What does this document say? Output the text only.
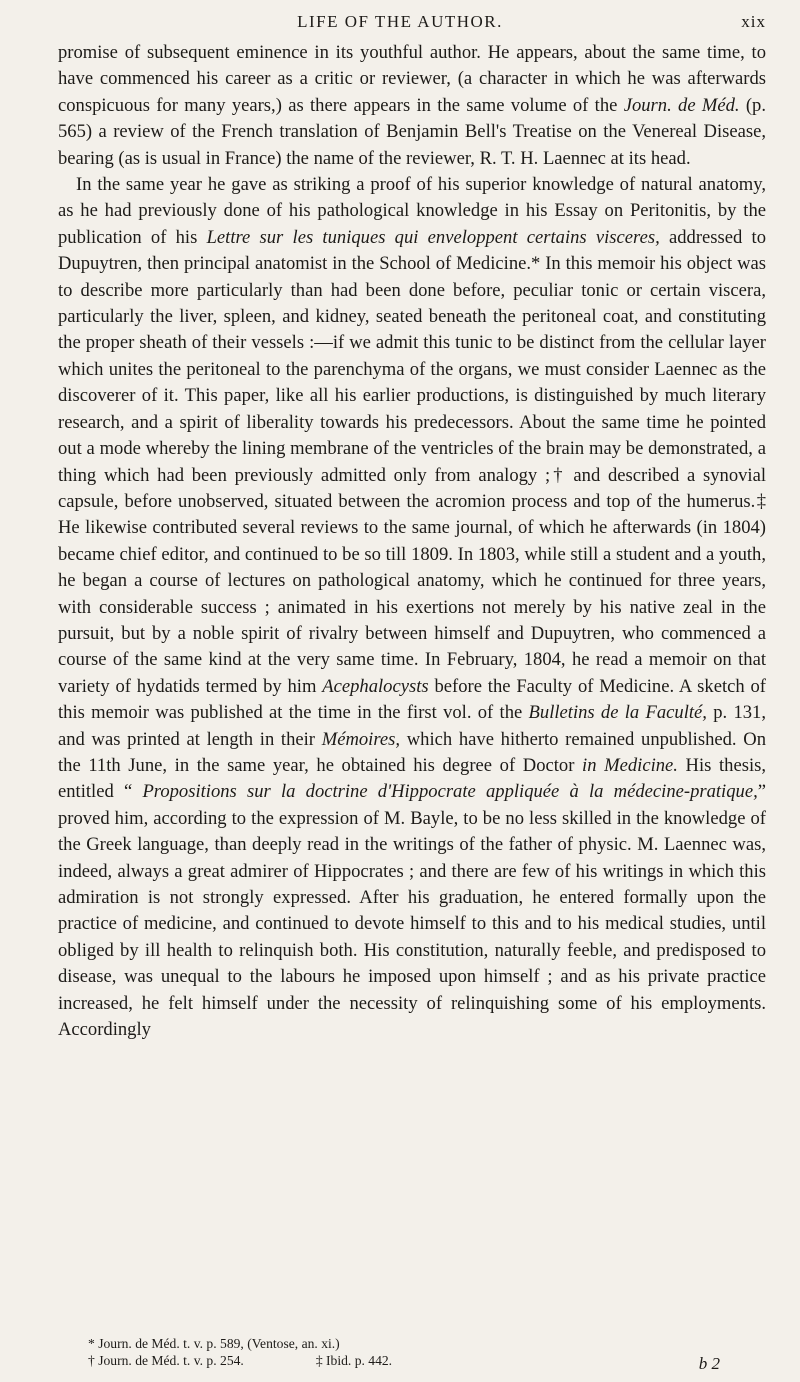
LIFE OF THE AUTHOR.	xix

promise of subsequent eminence in its youthful author. He appears, about the same time, to have commenced his career as a critic or reviewer, (a character in which he was afterwards conspicuous for many years,) as there appears in the same volume of the Journ. de Méd. (p. 565) a review of the French translation of Benjamin Bell's Treatise on the Venereal Disease, bearing (as is usual in France) the name of the reviewer, R. T. H. Laennec at its head.

In the same year he gave as striking a proof of his superior knowledge of natural anatomy, as he had previously done of his pathological knowledge in his Essay on Peritonitis, by the publication of his Lettre sur les tuniques qui enveloppent certains visceres, addressed to Dupuytren, then principal anatomist in the School of Medicine.* In this memoir his object was to describe more particularly than had been done before, peculiar tonic or certain viscera, particularly the liver, spleen, and kidney, seated beneath the peritoneal coat, and constituting the proper sheath of their vessels :—if we admit this tunic to be distinct from the cellular layer which unites the peritoneal to the parenchyma of the organs, we must consider Laennec as the discoverer of it. This paper, like all his earlier productions, is distinguished by much literary research, and a spirit of liberality towards his predecessors. About the same time he pointed out a mode whereby the lining membrane of the ventricles of the brain may be demonstrated, a thing which had been previously admitted only from analogy ;† and described a synovial capsule, before unobserved, situated between the acromion process and top of the humerus.‡ He likewise contributed several reviews to the same journal, of which he afterwards (in 1804) became chief editor, and continued to be so till 1809. In 1803, while still a student and a youth, he began a course of lectures on pathological anatomy, which he continued for three years, with considerable success ; animated in his exertions not merely by his native zeal in the pursuit, but by a noble spirit of rivalry between himself and Dupuytren, who commenced a course of the same kind at the very same time. In February, 1804, he read a memoir on that variety of hydatids termed by him Acephalocysts before the Faculty of Medicine. A sketch of this memoir was published at the time in the first vol. of the Bulletins de la Faculté, p. 131, and was printed at length in their Mémoires, which have hitherto remained unpublished. On the 11th June, in the same year, he obtained his degree of Doctor in Medicine. His thesis, entitled “ Propositions sur la doctrine d'Hippocrate appliquée à la médecine-pratique,” proved him, according to the expression of M. Bayle, to be no less skilled in the knowledge of the Greek language, than deeply read in the writings of the father of physic. M. Laennec was, indeed, always a great admirer of Hippocrates ; and there are few of his writings in which this admiration is not strongly expressed. After his graduation, he entered formally upon the practice of medicine, and continued to devote himself to this and to his medical studies, until obliged by ill health to relinquish both. His constitution, naturally feeble, and predisposed to disease, was unequal to the labours he imposed upon himself ; and as his private practice increased, he felt himself under the necessity of relinquishing some of his employments. Accordingly

* Journ. de Méd. t. v. p. 589, (Ventose, an. xi.)
† Journ. de Méd. t. v. p. 254.	‡ Ibid. p. 442.	b 2
